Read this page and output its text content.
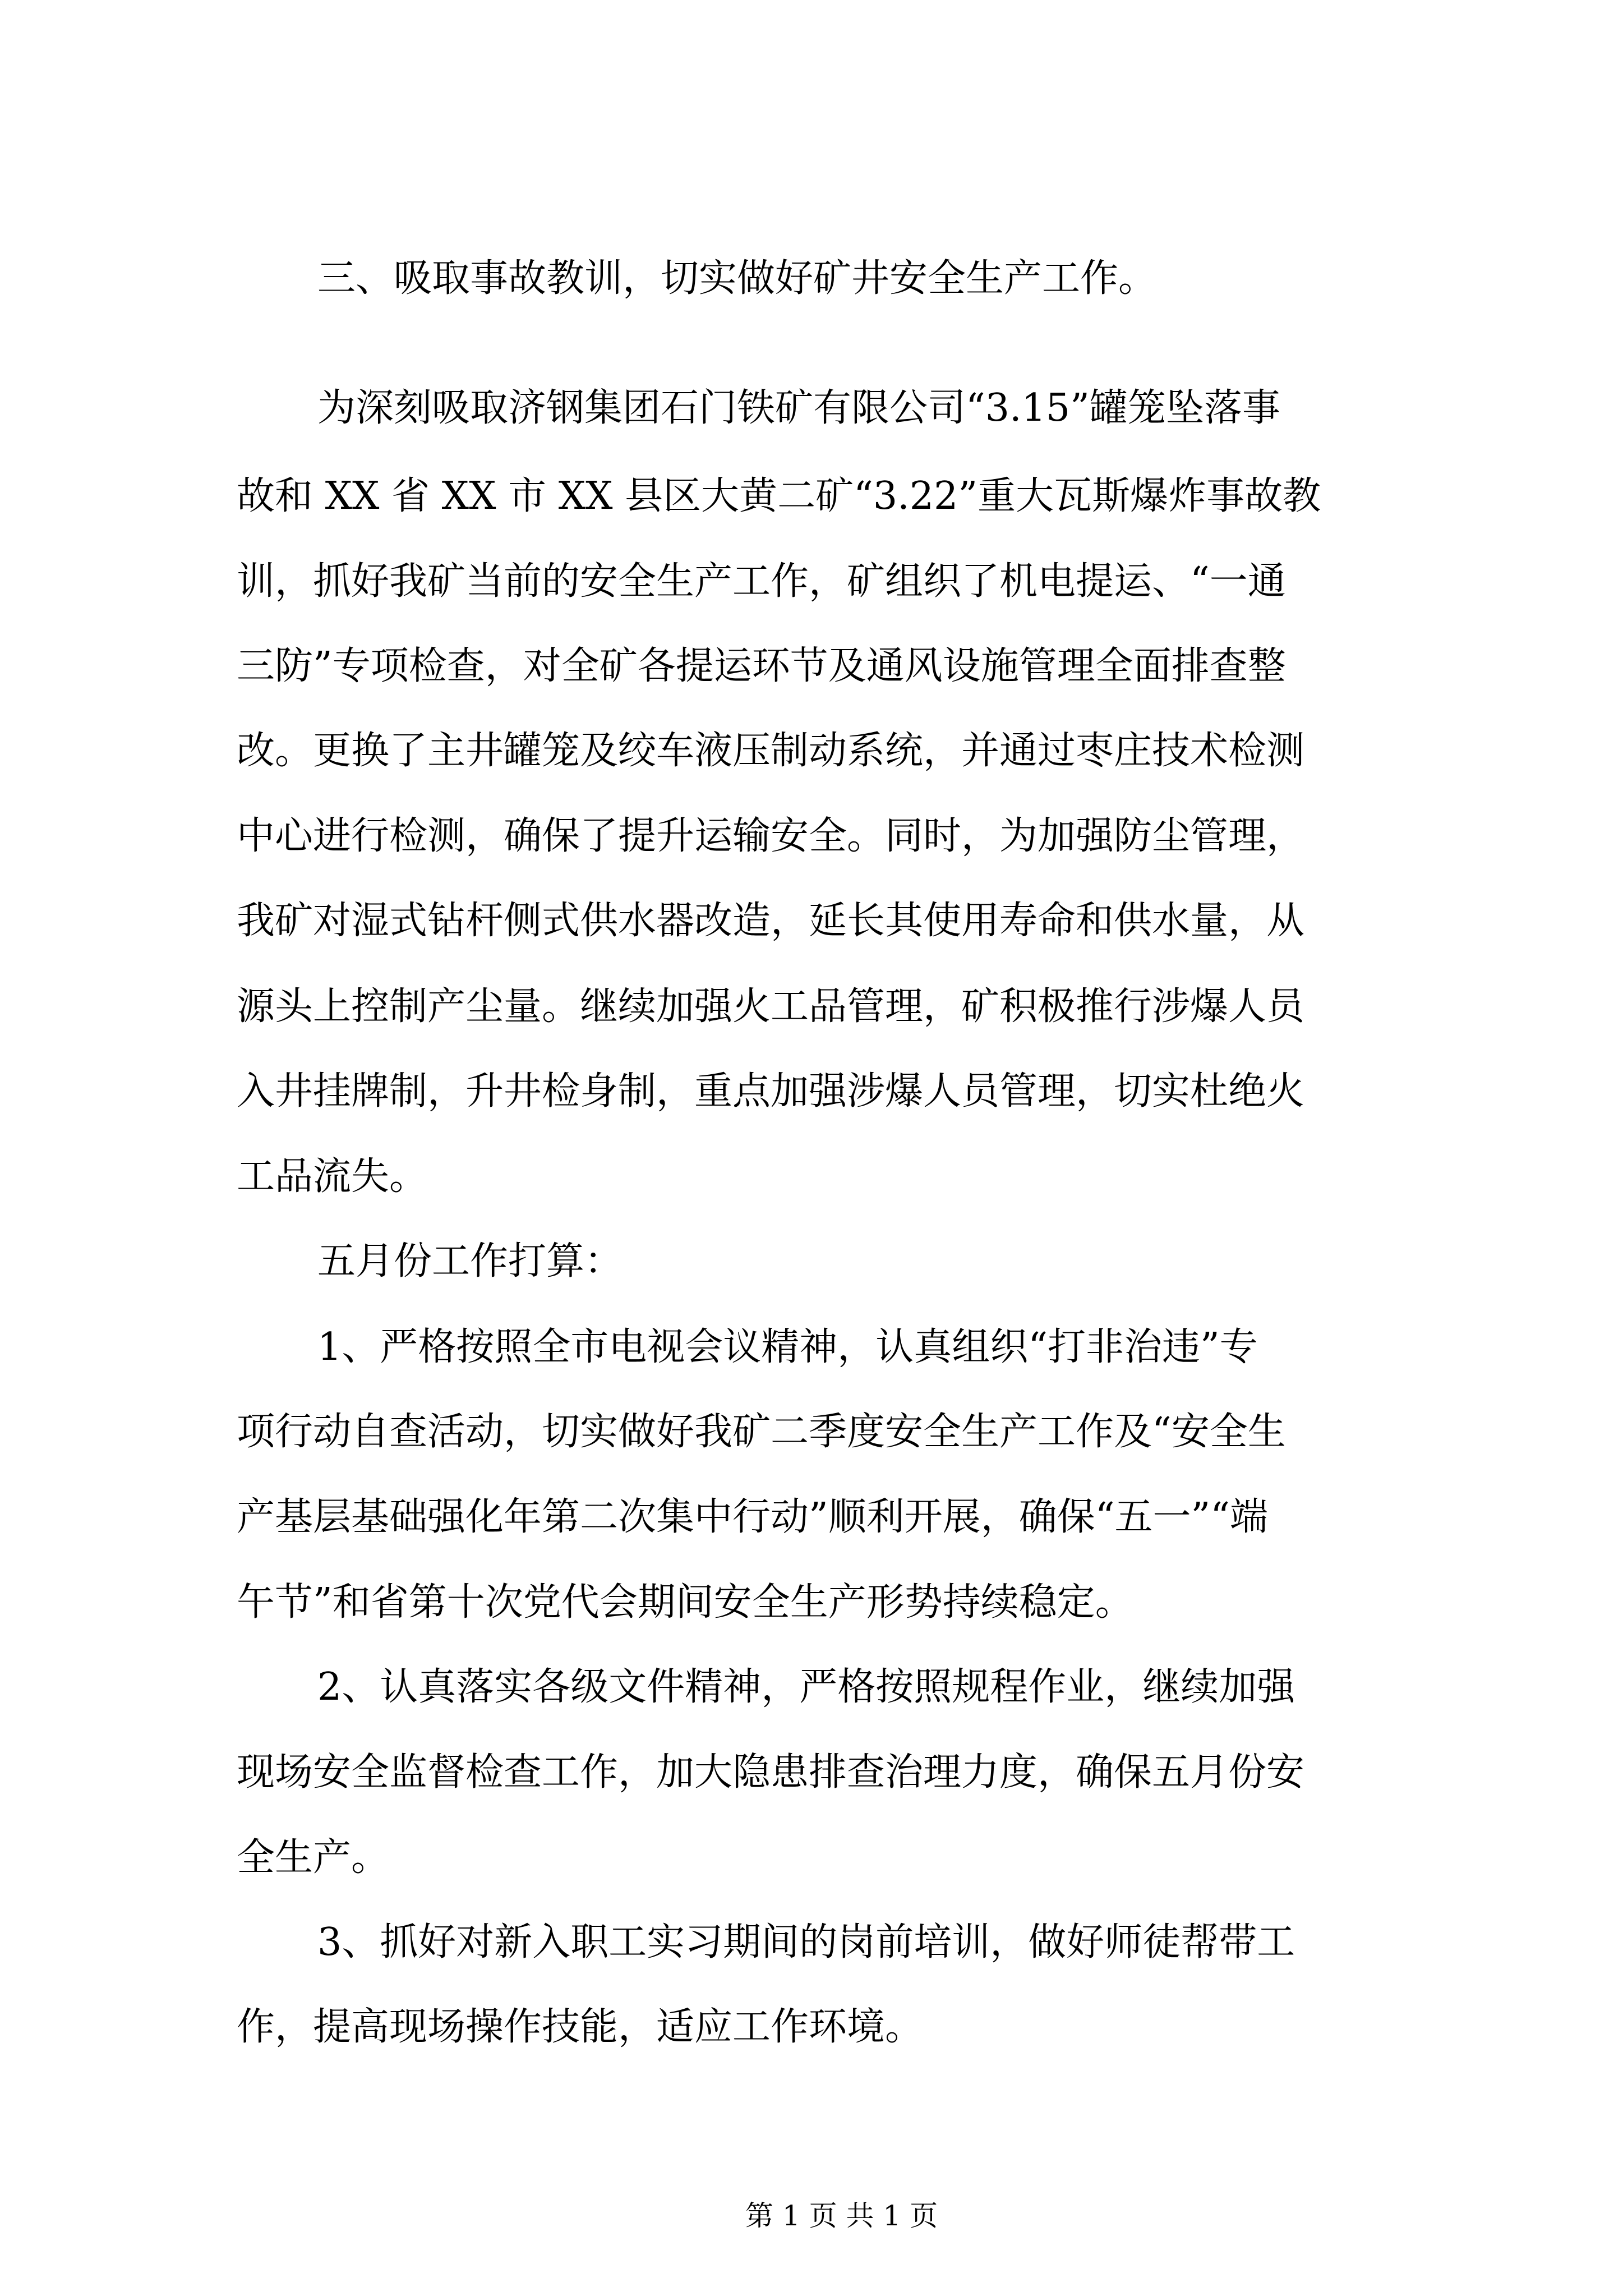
三、吸取事故教训，切实做好矿井安全生产工作。
为深刻吸取济钢集团石门铁矿有限公司“3.15”罐笼坠落事
故和 XX 省 XX 市 XX 县区大黄二矿“3.22”重大瓦斯爆炸事故教
训，抓好我矿当前的安全生产工作，矿组织了机电提运、“一通
三防”专项检查，对全矿各提运环节及通风设施管理全面排查整
改。更换了主井罐笼及绞车液压制动系统，并通过枣庄技术检测
中心进行检测，确保了提升运输安全。同时，为加强防尘管理，
我矿对湿式钻杆侧式供水器改造，延长其使用寿命和供水量，从
源头上控制产尘量。继续加强火工品管理，矿积极推行涉爆人员
入井挂牌制，升井检身制，重点加强涉爆人员管理，切实杜绝火
工品流失。
五月份工作打算：
1、严格按照全市电视会议精神，认真组织“打非治违”专
项行动自查活动，切实做好我矿二季度安全生产工作及“安全生
产基层基础强化年第二次集中行动”顺利开展，确保“五一”“端
午节”和省第十次党代会期间安全生产形势持续稳定。
2、认真落实各级文件精神，严格按照规程作业，继续加强
现场安全监督检查工作，加大隐患排查治理力度，确保五月份安
全生产。
3、抓好对新入职工实习期间的岗前培训，做好师徒帮带工
作，提高现场操作技能，适应工作环境。
第 1 页 共 1 页
